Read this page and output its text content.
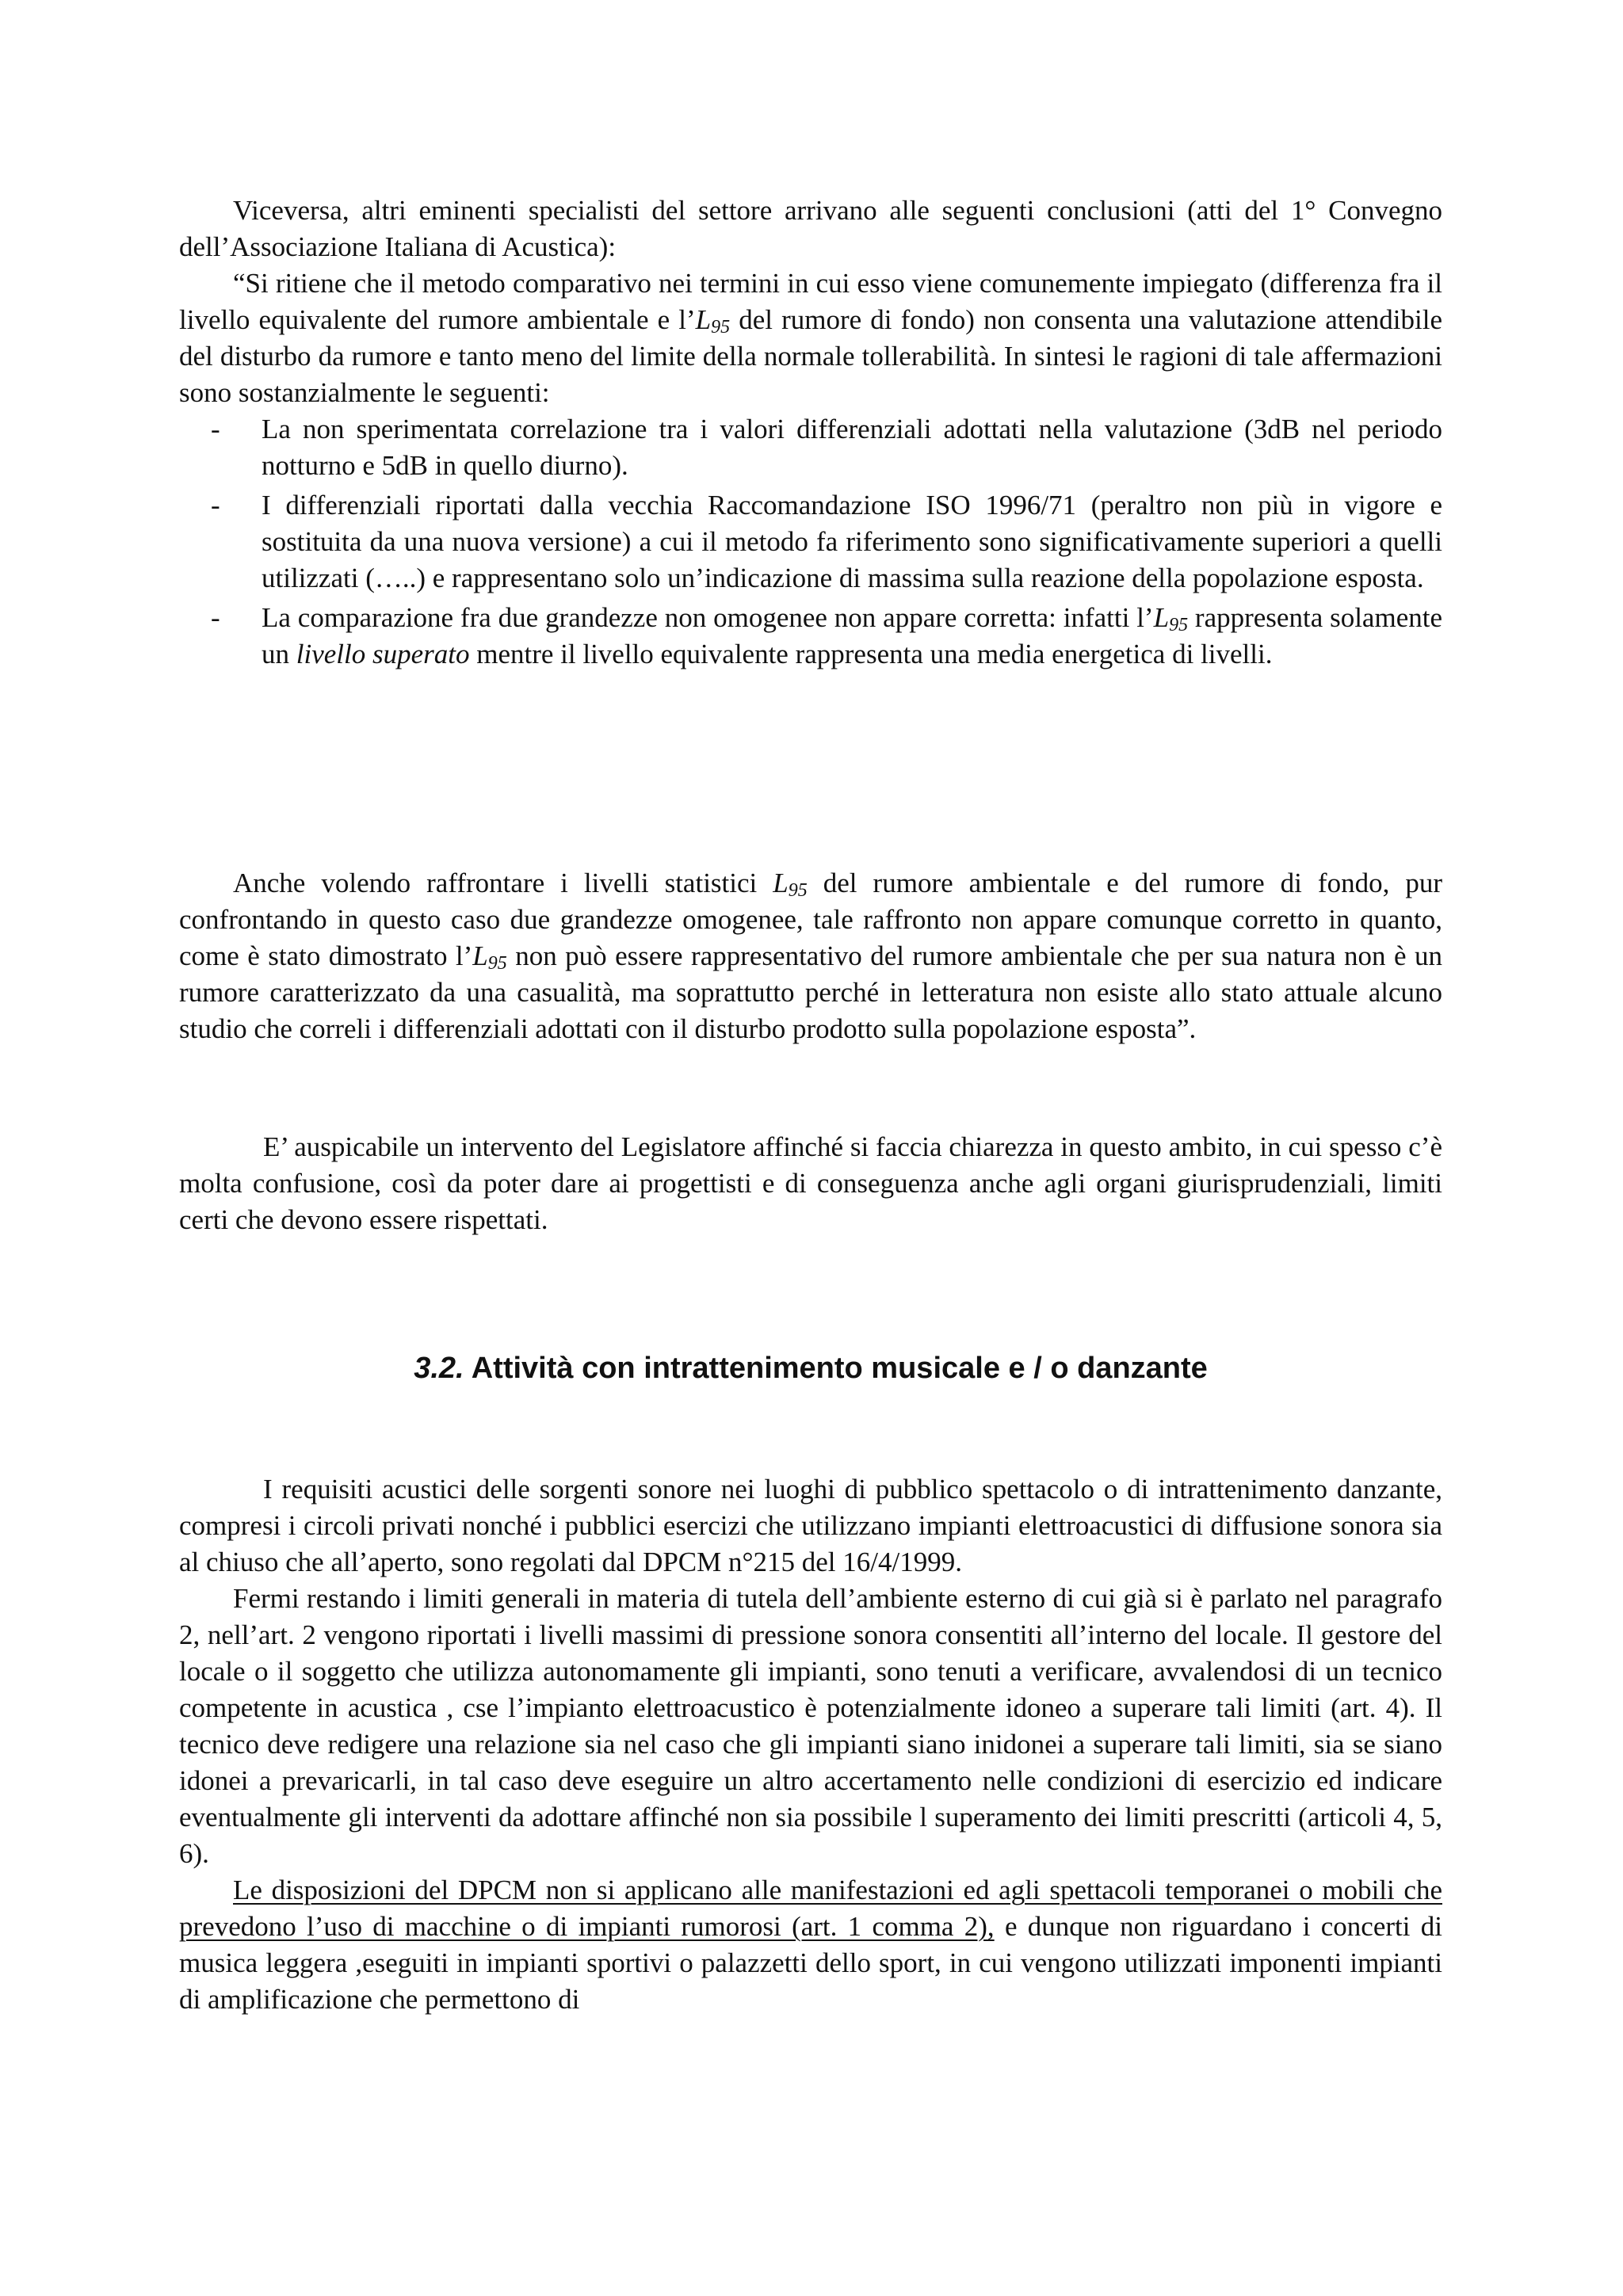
Viceversa, altri eminenti specialisti del settore arrivano alle seguenti conclusioni (atti del 1° Convegno dell’Associazione Italiana di Acustica):

“Si ritiene che il metodo comparativo nei termini in cui esso viene comunemente impiegato (differenza fra il livello equivalente del rumore ambientale e $l’L_{95}$ del rumore di fondo) non consenta una valutazione attendibile del disturbo da rumore e tanto meno del limite della normale tollerabilità. In sintesi le ragioni di tale affermazioni sono sostanzialmente le seguenti:

- La non sperimentata correlazione tra i valori differenziali adottati nella valutazione (3dB nel periodo notturno e 5dB in quello diurno).
- I differenziali riportati dalla vecchia Raccomandazione ISO 1996/71 (peraltro non più in vigore e sostituita da una nuova versione) a cui il metodo fa riferimento sono significativamente superiori a quelli utilizzati (…..) e rappresentano solo un’indicazione di massima sulla reazione della popolazione esposta.
- La comparazione fra due grandezze non omogenee non appare corretta: infatti $l’L_{95}$ rappresenta solamente un livello superato mentre il livello equivalente rappresenta una media energetica di livelli.

Anche volendo raffrontare i livelli statistici $L_{95}$ del rumore ambientale e del rumore di fondo, pur confrontando in questo caso due grandezze omogenee, tale raffronto non appare comunque corretto in quanto, come è stato dimostrato $l’L_{95}$ non può essere rappresentativo del rumore ambientale che per sua natura non è un rumore caratterizzato da una casualità, ma soprattutto perché in letteratura non esiste allo stato attuale alcuno studio che correli i differenziali adottati con il disturbo prodotto sulla popolazione esposta”.

E’ auspicabile un intervento del Legislatore affinché si faccia chiarezza in questo ambito, in cui spesso c’è molta confusione, così da poter dare ai progettisti e di conseguenza anche agli organi giurisprudenziali, limiti certi che devono essere rispettati.

3.2. Attività con intrattenimento musicale e / o danzante

I requisiti acustici delle sorgenti sonore nei luoghi di pubblico spettacolo o di intrattenimento danzante, compresi i circoli privati nonché i pubblici esercizi che utilizzano impianti elettroacustici di diffusione sonora sia al chiuso che all’aperto, sono regolati dal DPCM n°215 del 16/4/1999.

Fermi restando i limiti generali in materia di tutela dell’ambiente esterno di cui già si è parlato nel paragrafo 2, nell’art. 2 vengono riportati i livelli massimi di pressione sonora consentiti all’interno del locale. Il gestore del locale o il soggetto che utilizza autonomamente gli impianti, sono tenuti a verificare, avvalendosi di un tecnico competente in acustica , cse l’impianto elettroacustico è potenzialmente idoneo a superare tali limiti (art. 4). Il tecnico deve redigere una relazione sia nel caso che gli impianti siano inidonei a superare tali limiti, sia se siano idonei a prevaricarli, in tal caso deve eseguire un altro accertamento nelle condizioni di esercizio ed indicare eventualmente gli interventi da adottare affinché non sia possibile l superamento dei limiti prescritti (articoli 4, 5, 6).

Le disposizioni del DPCM non si applicano alle manifestazioni ed agli spettacoli temporanei o mobili che prevedono l’uso di macchine o di impianti rumorosi (art. 1 comma 2), e dunque non riguardano i concerti di musica leggera ,eseguiti in impianti sportivi o palazzetti dello sport, in cui vengono utilizzati imponenti impianti di amplificazione che permettono di
